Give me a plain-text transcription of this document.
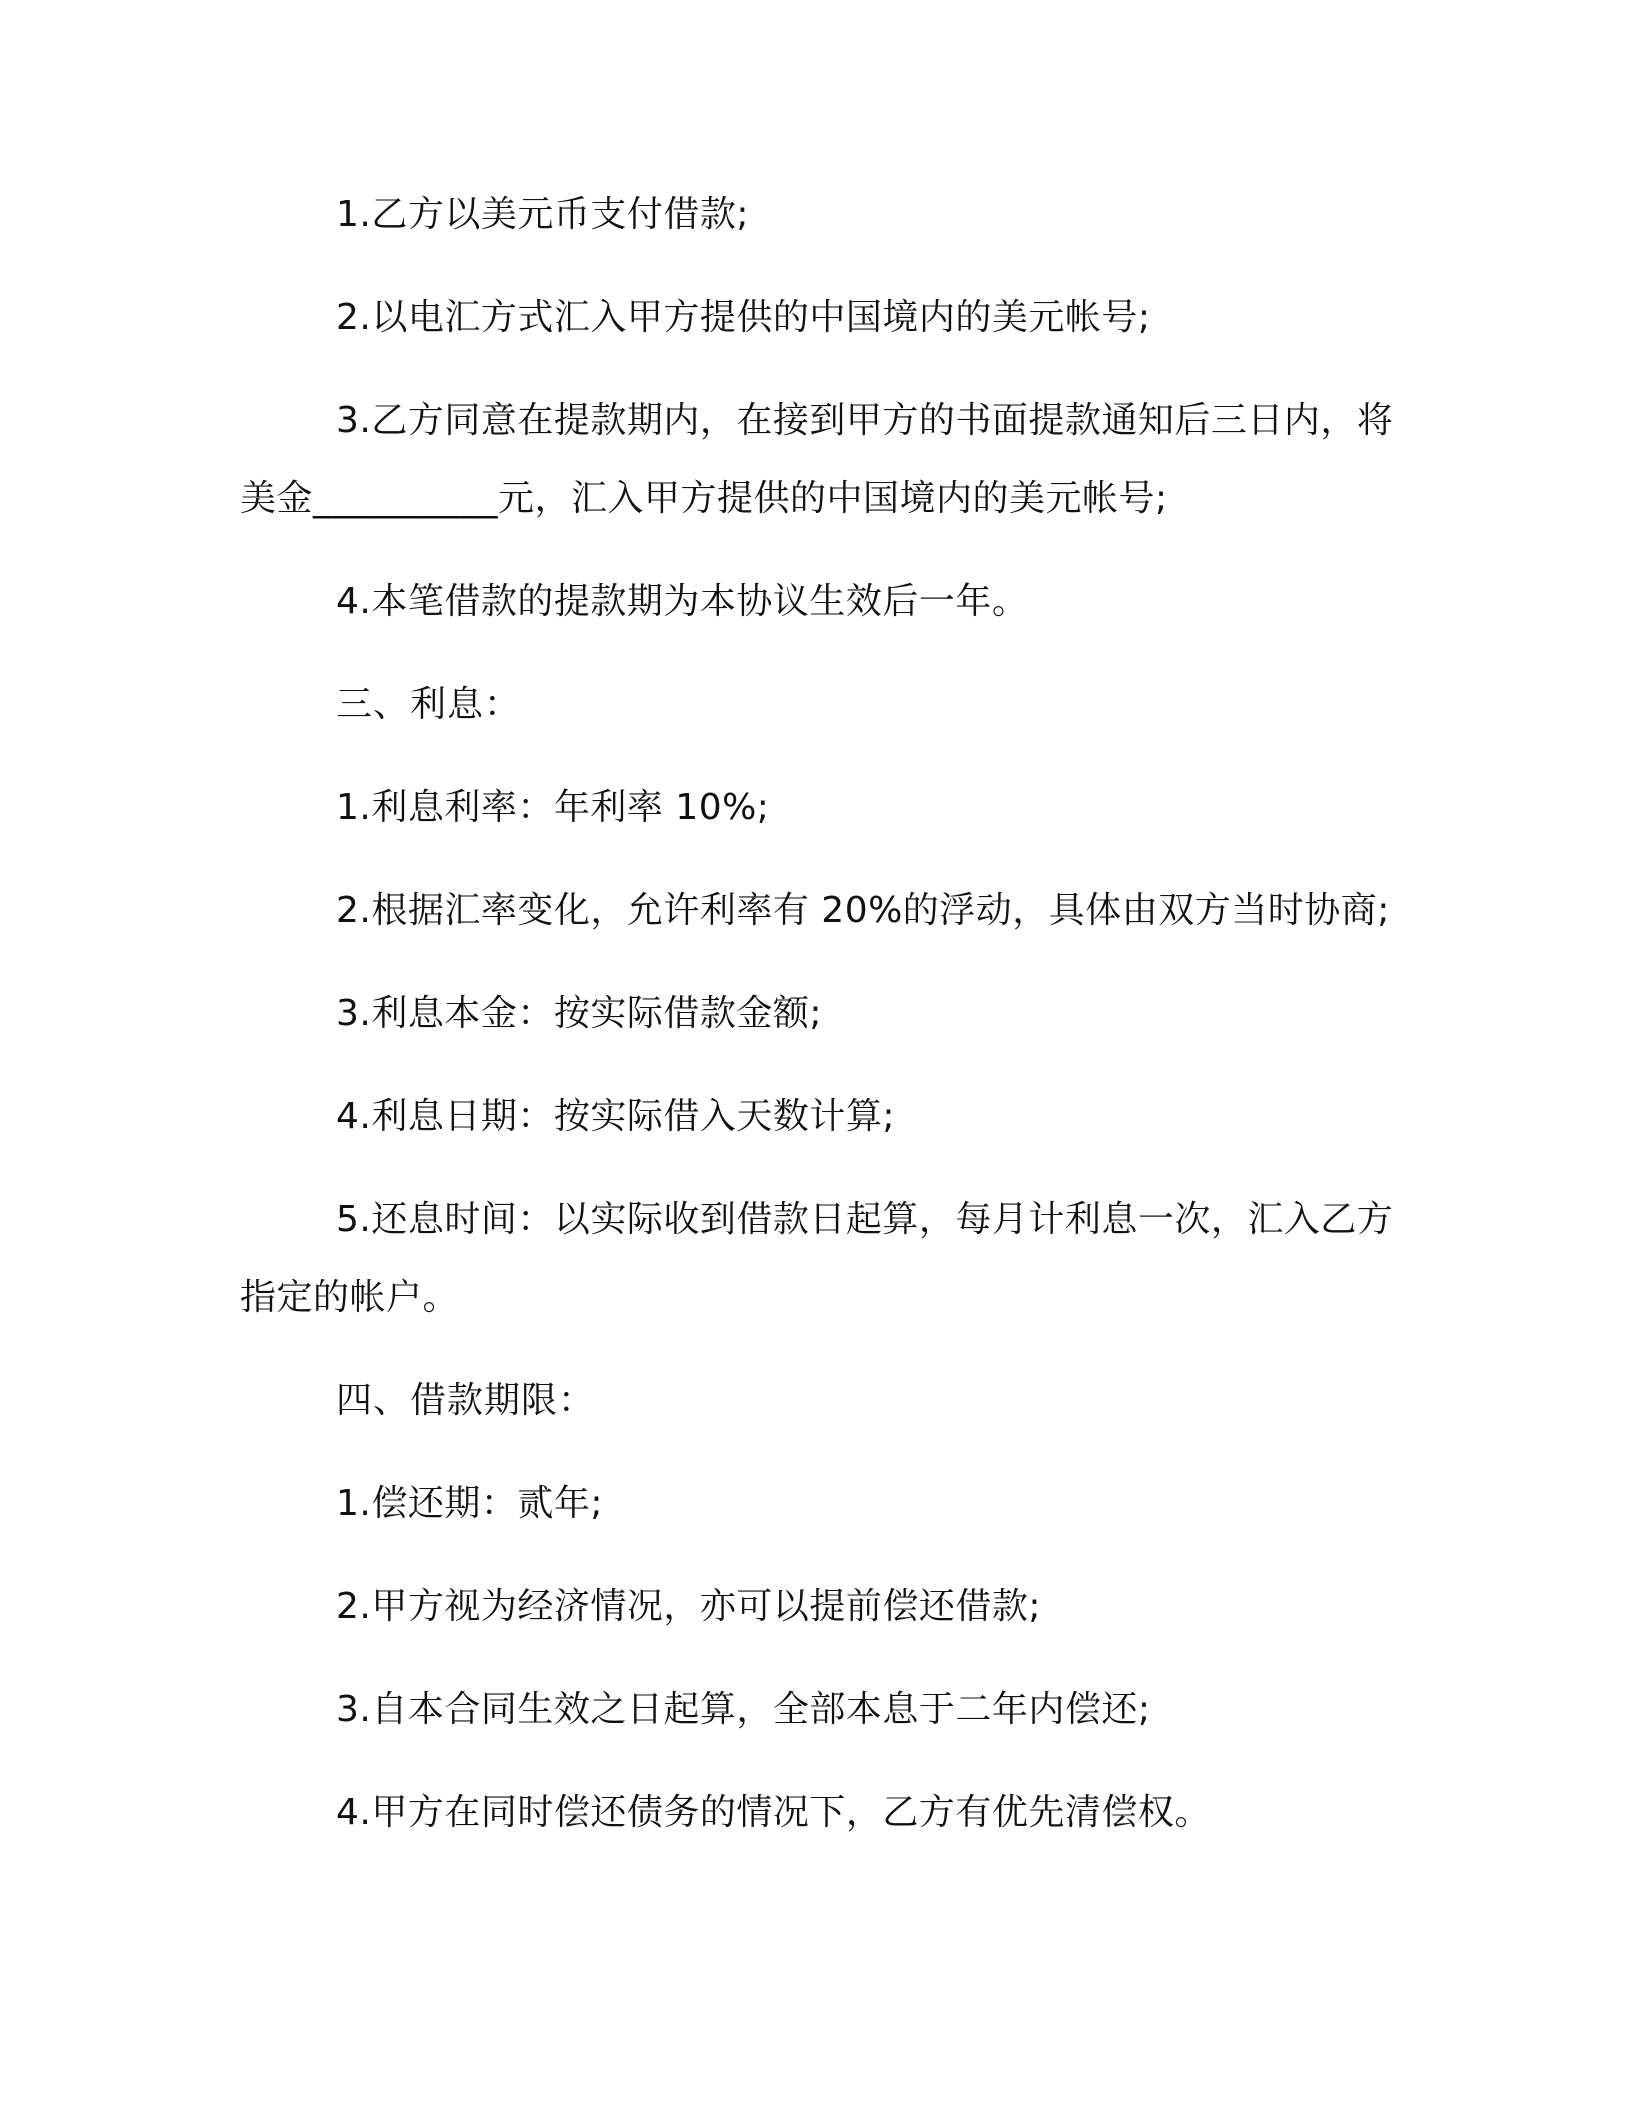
1.乙方以美元币支付借款;

2.以电汇方式汇入甲方提供的中国境内的美元帐号;

3.乙方同意在提款期内，在接到甲方的书面提款通知后三日内，将美金__________元，汇入甲方提供的中国境内的美元帐号;

4.本笔借款的提款期为本协议生效后一年。

三、利息：

1.利息利率：年利率 10%;

2.根据汇率变化，允许利率有 20%的浮动，具体由双方当时协商;

3.利息本金：按实际借款金额;

4.利息日期：按实际借入天数计算;

5.还息时间：以实际收到借款日起算，每月计利息一次，汇入乙方指定的帐户。

四、借款期限：

1.偿还期：贰年;

2.甲方视为经济情况，亦可以提前偿还借款;

3.自本合同生效之日起算，全部本息于二年内偿还;

4.甲方在同时偿还债务的情况下，乙方有优先清偿权。
